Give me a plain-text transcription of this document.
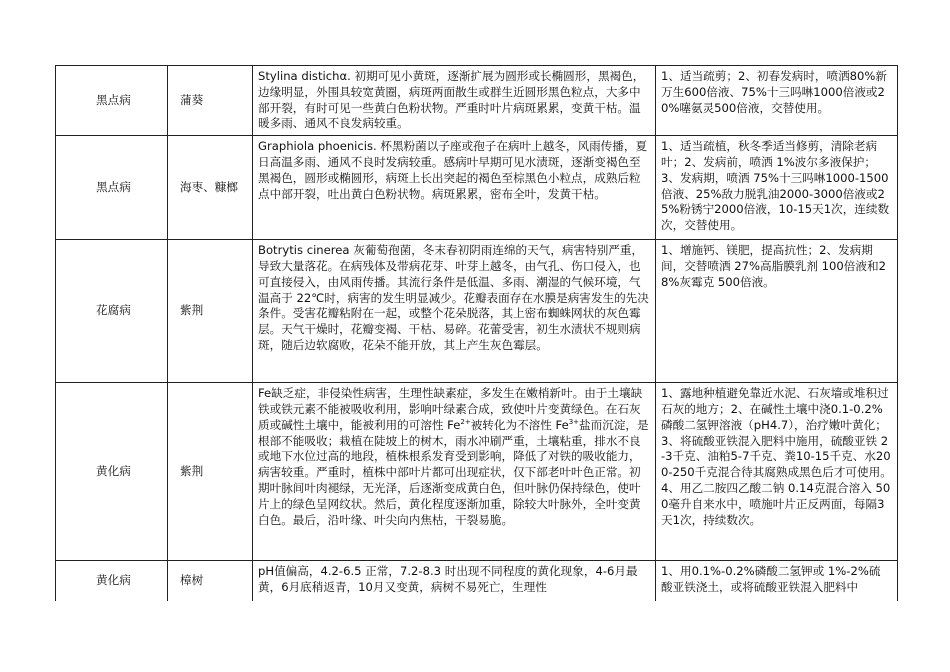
黑点病	蒲葵	Stylina distichα. 初期可见小黄斑，逐渐扩展为圆形或长椭圆形，黑褐色，边缘明显，外围具较宽黄圈，病斑两面散生或群生近圆形黑色粒点，大多中部开裂，有时可见一些黄白色粉状物。严重时叶片病斑累累，变黄干枯。温暖多雨、通风不良发病较重。	1、适当疏剪；2、初春发病时，喷洒80%新万生600倍液、75%十三吗啉1000倍液或20%噻氨灵500倍液，交替使用。
黑点病	海枣、糠榔	Graphiola phoenicis. 杯黑粉菌以子座或孢子在病叶上越冬，风雨传播，夏日高温多雨、通风不良时发病较重。感病叶早期可见水渍斑，逐渐变褐色至黑褐色，圆形或椭圆形，病斑上长出突起的褐色至棕黑色小粒点，成熟后粒点中部开裂，吐出黄白色粉状物。病斑累累，密布全叶，发黄干枯。	1、适当疏植，秋冬季适当修剪，清除老病叶；2、发病前，喷洒 1%波尔多液保护；3、发病期，喷洒 75%十三吗啉1000-1500 倍液、25%敌力脱乳油2000-3000倍液或25%粉锈宁2000倍液，10-15天1次，连续数次，交替使用。
花腐病	紫荆	Botrytis cinerea 灰葡萄孢菌，冬末春初阴雨连绵的天气，病害特别严重，导致大量落花。在病残体及带病花芽、叶芽上越冬，由气孔、伤口侵入，也可直接侵入，由风雨传播。其流行条件是低温、多雨、潮湿的气候环境，气温高于 22℃时，病害的发生明显减少。花瓣表面存在水膜是病害发生的先决条件。受害花瓣粘附在一起，或整个花朵脱落，其上密布蜘蛛网状的灰色霉层。天气干燥时，花瓣变褐、干枯、易碎。花蕾受害，初生水渍状不规则病斑，随后边软腐败，花朵不能开放，其上产生灰色霉层。	1、增施钙、镁肥，提高抗性；2、发病期间，交替喷洒 27%高脂膜乳剂 100倍液和28%灰霉克 500倍液。
黄化病	紫荆	Fe缺乏症，非侵染性病害，生理性缺素症，多发生在嫩梢新叶。由于土壤缺铁或铁元素不能被吸收利用，影响叶绿素合成，致使叶片变黄绿色。在石灰质或碱性土壤中，能被利用的可溶性 $Fe^{2+}$被转化为不溶性 $Fe^{3+}$盐而沉淀，是根部不能吸收；栽植在陡坡上的树木，雨水冲刷严重，土壤粘重，排水不良或地下水位过高的地段，植株根系发育受到影响，降低了对铁的吸收能力，病害较重。严重时，植株中部叶片都可出现症状，仅下部老叶叶色正常。初期叶脉间叶肉褪绿，无光泽，后逐渐变成黄白色，但叶脉仍保持绿色，使叶片上的绿色呈网纹状。然后，黄化程度逐渐加重，除较大叶脉外，全叶变黄白色。最后，沿叶缘、叶尖向内焦枯，干裂易脆。	1、露地种植避免靠近水泥、石灰墙或堆积过石灰的地方；2、在碱性土壤中浇0.1-0.2%磷酸二氢钾溶液（pH4.7），治疗嫩叶黄化；3、将硫酸亚铁混入肥料中施用，硫酸亚铁 2-3千克、油粕5-7千克、粪10-15千克、水200-250千克混合待其腐熟成黑色后才可使用。4、用乙二胺四乙酸二钠 0.14克混合溶入 500毫升自来水中，喷施叶片正反两面，每隔3天1次，持续数次。
黄化病	樟树	pH值偏高，4.2-6.5 正常，7.2-8.3 时出现不同程度的黄化现象，4-6月最黄，6月底稍返青，10月又变黄，病树不易死亡，生理性	1、用0.1%-0.2%磷酸二氢钾或 1%-2%硫酸亚铁浇土，或将硫酸亚铁混入肥料中
